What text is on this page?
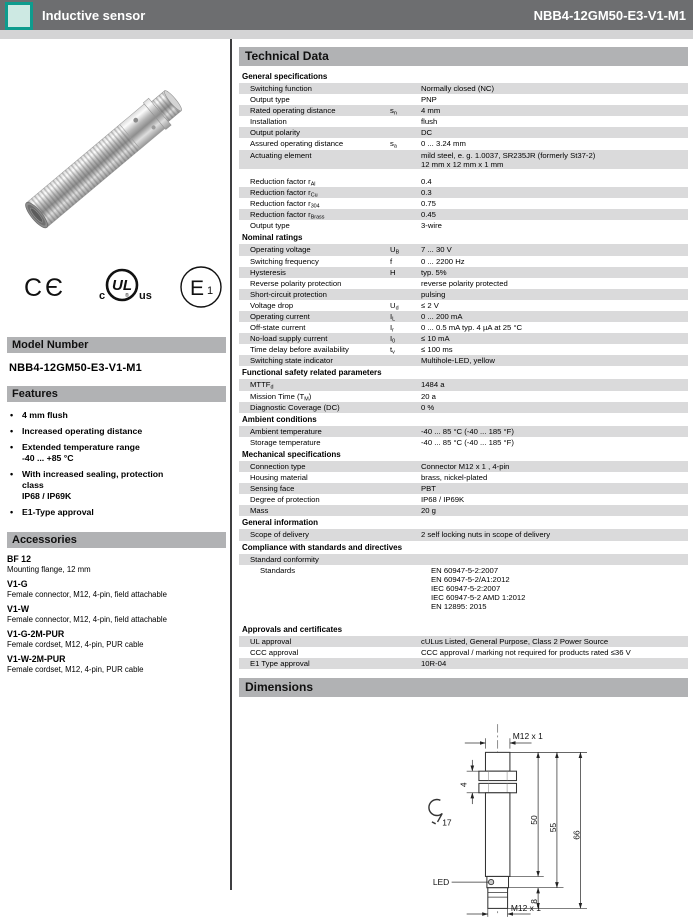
Inductive sensor	NBB4-12GM50-E3-V1-M1
C Є	UL
®
c	us E 1
Model Number
NBB4-12GM50-E3-V1-M1
Features
•	4 mm flush
•	Increased operating distance
•	Extended temperature range
-40 ... +85 °C
•	With increased sealing, protection
class
IP68 / IP69K
•	E1-Type approval
Accessories
BF 12
Mounting flange, 12 mm
V1-G
Female connector, M12, 4-pin, field attachable
V1-W
Female connector, M12, 4-pin, field attachable
V1-G-2M-PUR
Female cordset, M12, 4-pin, PUR cable
V1-W-2M-PUR
Female cordset, M12, 4-pin, PUR cable
Technical Data
General specifications
Switching function	Normally closed (NC)
Output type	PNP
Rated operating distance	$s_n$	4 mm
Installation	flush
Output polarity	DC
Assured operating distance	$s_a$	0 ... 3.24 mm
Actuating element	mild steel, e. g. 1.0037, SR235JR (formerly St37-2)
12 mm x 12 mm x 1 mm
Reduction factor $r_{Al}$	0.4
Reduction factor $r_{Cu}$	0.3
Reduction factor $r_{304}$	0.75
Reduction factor $r_{Brass}$	0.45
Output type	3-wire
Nominal ratings
Operating voltage	$U_B$	7 ... 30 V
Switching frequency	f	0 ... 2200 Hz
Hysteresis	H	typ. 5%
Reverse polarity protection	reverse polarity protected
Short-circuit protection	pulsing
Voltage drop	$U_d$	≤ 2 V
Operating current	$I_L$	0 ... 200 mA
Off-state current	$I_r$	0 ... 0.5 mA typ. 4 µA at 25 °C
No-load supply current	$I_0$	≤ 10 mA
Time delay before availability	$t_v$	≤ 100 ms
Switching state indicator	Multihole-LED, yellow
Functional safety related parameters
$MTTF_d$	1484 a
Mission Time $(T_M)$	20 a
Diagnostic Coverage (DC)	0 %
Ambient conditions
Ambient temperature	-40 ... 85 °C (-40 ... 185 °F)
Storage temperature	-40 ... 85 °C (-40 ... 185 °F)
Mechanical specifications
Connection type	Connector M12 x 1 , 4-pin
Housing material	brass, nickel-plated
Sensing face	PBT
Degree of protection	IP68 / IP69K
Mass	20 g
General information
Scope of delivery	2 self locking nuts in scope of delivery
Compliance with standards and directives
Standard conformity
Standards	EN 60947-5-2:2007
EN 60947-5-2/A1:2012
IEC 60947-5-2:2007
IEC 60947-5-2 AMD 1:2012
EN 12895: 2015
Approvals and certificates
UL approval	cULus Listed, General Purpose, Class 2 Power Source
CCC approval	CCC approval / marking not required for products rated ≤36 V
E1 Type approval	10R-04
Dimensions
LED
M12 x 1
4
17	50
55
66
8
M12 x 1
